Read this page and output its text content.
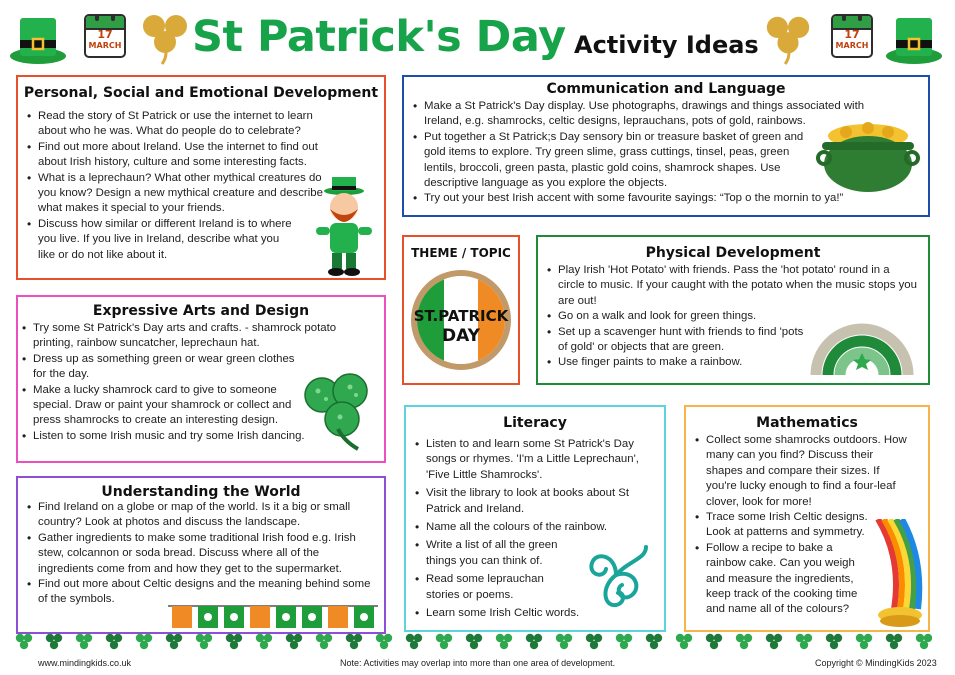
17
MARCH St Patrick's Day Activity Ideas	17
MARCH
Personal, Social and Emotional Development
• Read the story of St Patrick or use the internet to learn about who he was. What do people do to celebrate?
• Find out more about Ireland. Use the internet to find out about Irish history, culture and some interesting facts.
• What is a leprechaun? What other mythical creatures do you know? Design a new mythical creature and describe what makes it special to your friends.
• Discuss how similar or different Ireland is to where you live. If you live in Ireland, describe what you like or do not like about it.
Communication and Language
• Make a St Patrick's Day display. Use photographs, drawings and things associated with Ireland, e.g. shamrocks, celtic designs, leprauchans, pots of gold, rainbows.
• Put together a St Patrick;s Day sensory bin or treasure basket of green and gold items to explore. Try green slime, grass cuttings, tinsel, peas, green lentils, broccoli, green pasta, plastic gold coins, shamrock shapes. Use descriptive language as you explore the objects.
• Try out your best Irish accent with some favourite sayings: “Top o the mornin to ya!”
Expressive Arts and Design
• Try some St Patrick's Day arts and crafts. - shamrock potato printing, rainbow suncatcher, leprechaun hat.
• Dress up as something green or wear green clothes for the day.
• Make a lucky shamrock card to give to someone special. Draw or paint your shamrock or collect and press shamrocks to create an interesting design.
• Listen to some Irish music and try some Irish dancing.
THEME / TOPIC
ST.PATRICK
DAY
Physical Development
• Play Irish 'Hot Potato' with friends. Pass the 'hot potato' round in a circle to music. If your caught with the potato when the music stops you are out!
• Go on a walk and look for green things.
• Set up a scavenger hunt with friends to find 'pots of gold' or objects that are green.
• Use finger paints to make a rainbow.
Understanding the World
• Find Ireland on a globe or map of the world. Is it a big or small country? Look at photos and discuss the landscape.
• Gather ingredients to make some traditional Irish food e.g. Irish stew, colcannon or soda bread. Discuss where all of the ingredients come from and how they get to the supermarket.
• Find out more about Celtic designs and the meaning behind some of the symbols.
Literacy
• Listen to and learn some St Patrick's Day songs or rhymes. 'I'm a Little Leprechaun', 'Five Little Shamrocks'.
• Visit the library to look at books about St Patrick and Ireland.
• Name all the colours of the rainbow.
• Write a list of all the green things you can think of.
• Read some leprauchan stories or poems.
• Learn some Irish Celtic words.
Mathematics
• Collect some shamrocks outdoors. How many can you find? Discuss their shapes and compare their sizes. If you're lucky enough to find a four-leaf clover, look for more!
• Trace some Irish Celtic designs. Look at patterns and symmetry.
• Follow a recipe to bake a rainbow cake. Can you weigh and measure the ingredients, keep track of the cooking time and name all of the colours?
www.mindingkids.co.uk	Note: Activities may overlap into more than one area of development.	Copyright © MindingKids 2023
